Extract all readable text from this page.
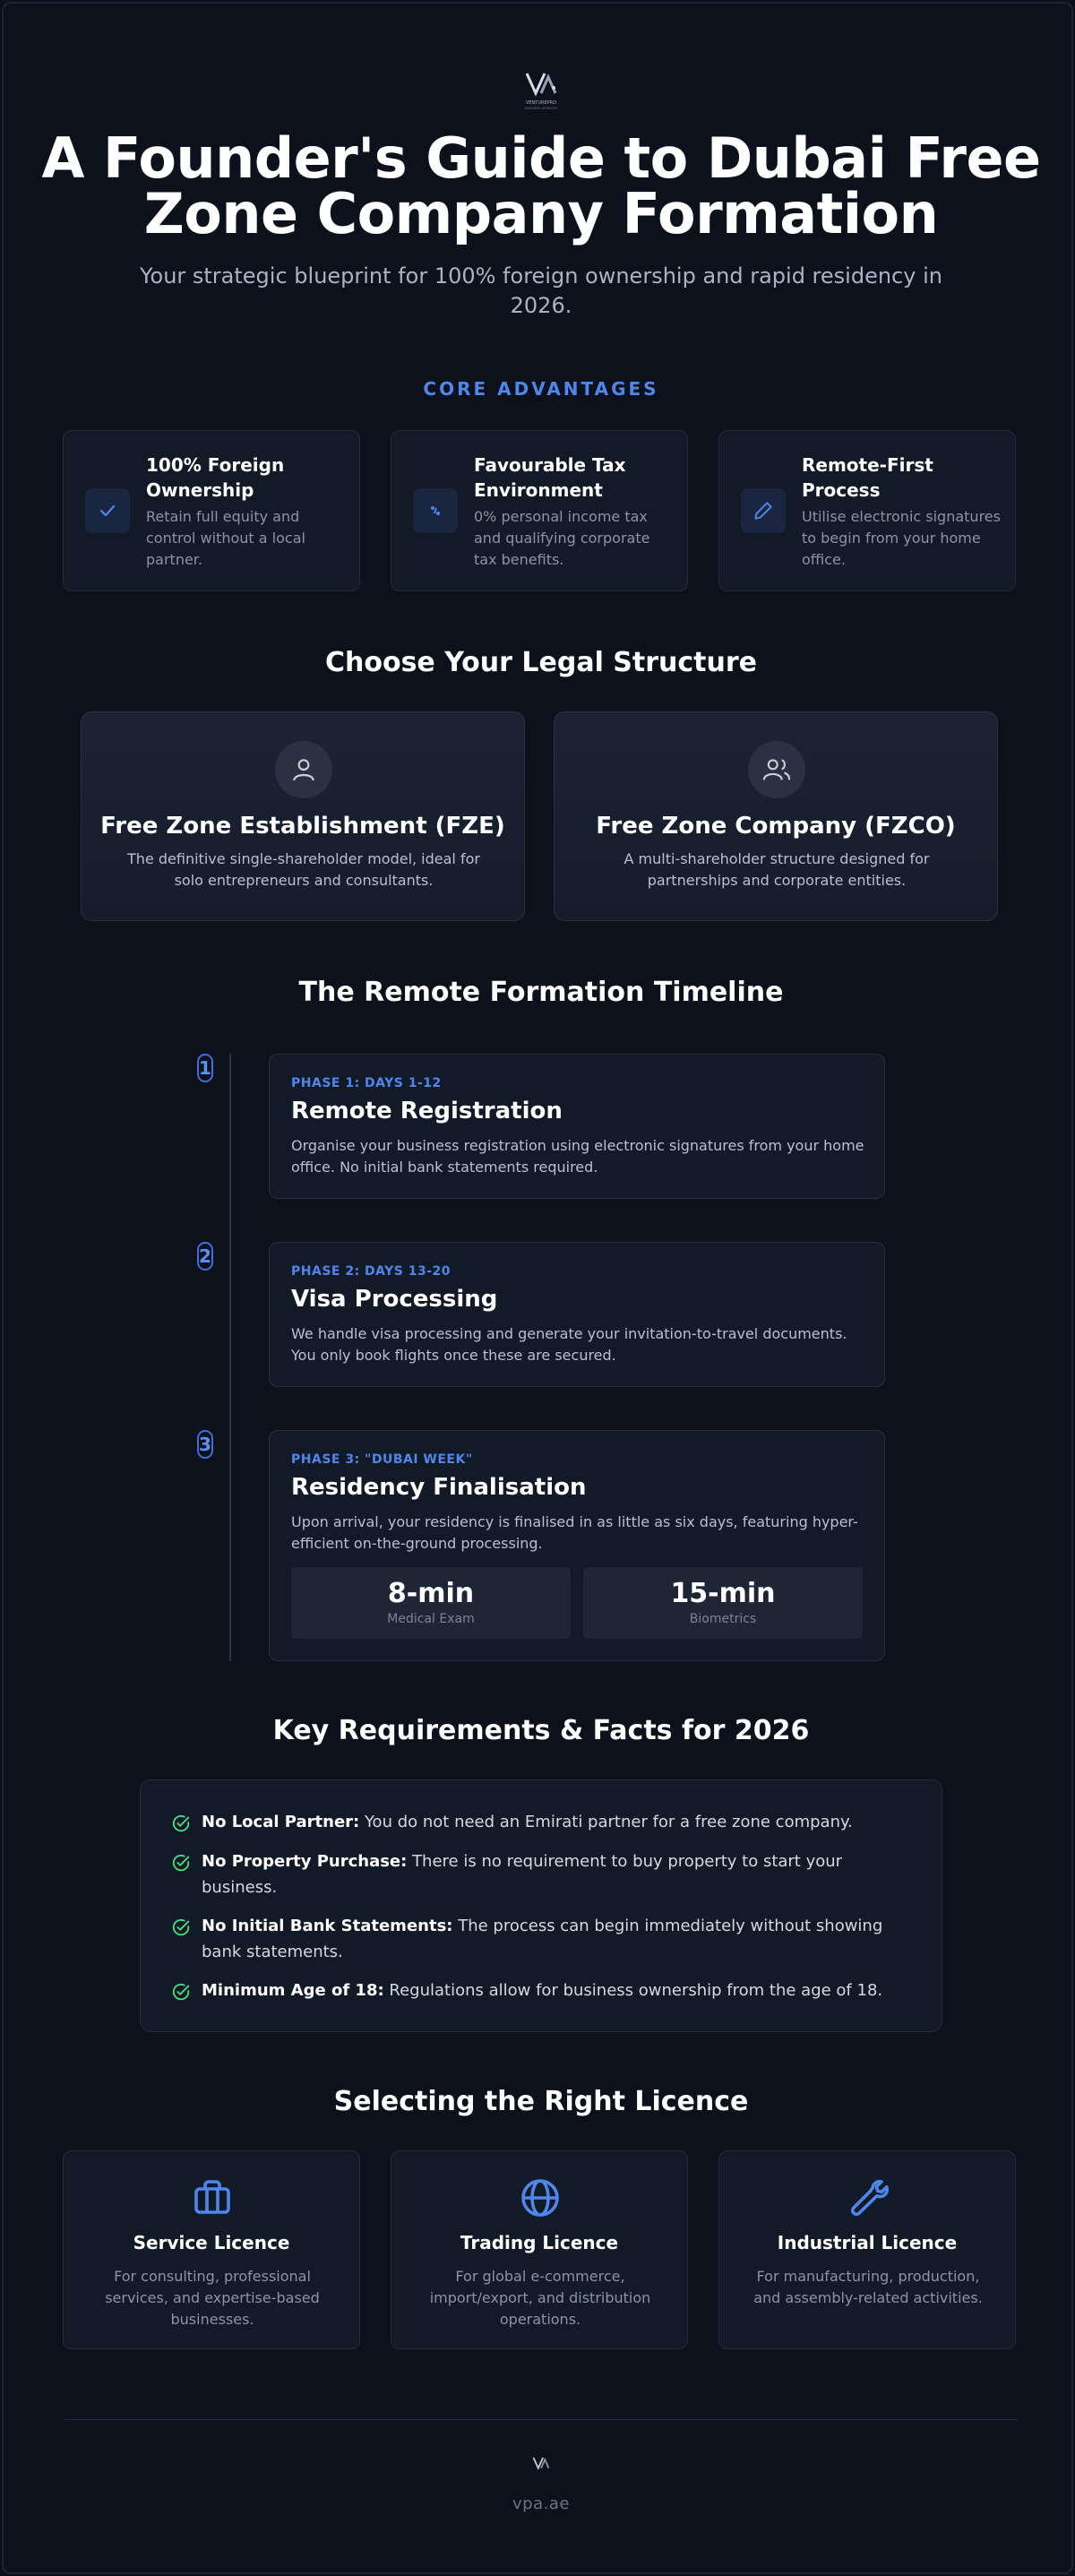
VENTUREPRO
PARTNERS ADVISORY
A Founder's Guide to Dubai Free Zone Company Formation

Your strategic blueprint for 100% foreign ownership and rapid residency in 2026.

CORE ADVANTAGES
100% Foreign Ownership
Retain full equity and control without a local partner.
Favourable Tax Environment
0% personal income tax and qualifying corporate tax benefits.
Remote-First Process
Utilise electronic signatures to begin from your home office.
Choose Your Legal Structure
Free Zone Establishment (FZE)
The definitive single-shareholder model, ideal for solo entrepreneurs and consultants.
Free Zone Company (FZCO)
A multi-shareholder structure designed for partnerships and corporate entities.
The Remote Formation Timeline
1
PHASE 1: DAYS 1-12
Remote Registration
Organise your business registration using electronic signatures from your home office. No initial bank statements required.
2
PHASE 2: DAYS 13-20
Visa Processing
We handle visa processing and generate your invitation-to-travel documents. You only book flights once these are secured.
3
PHASE 3: "DUBAI WEEK"
Residency Finalisation
Upon arrival, your residency is finalised in as little as six days, featuring hyper-efficient on-the-ground processing.
8-min
Medical Exam
15-min
Biometrics
Key Requirements & Facts for 2026
No Local Partner: You do not need an Emirati partner for a free zone company.
No Property Purchase: There is no requirement to buy property to start your business.
No Initial Bank Statements: The process can begin immediately without showing bank statements.
Minimum Age of 18: Regulations allow for business ownership from the age of 18.
Selecting the Right Licence
Service Licence
For consulting, professional services, and expertise-based businesses.
Trading Licence
For global e-commerce, import/export, and distribution operations.
Industrial Licence
For manufacturing, production, and assembly-related activities.
vpa.ae
